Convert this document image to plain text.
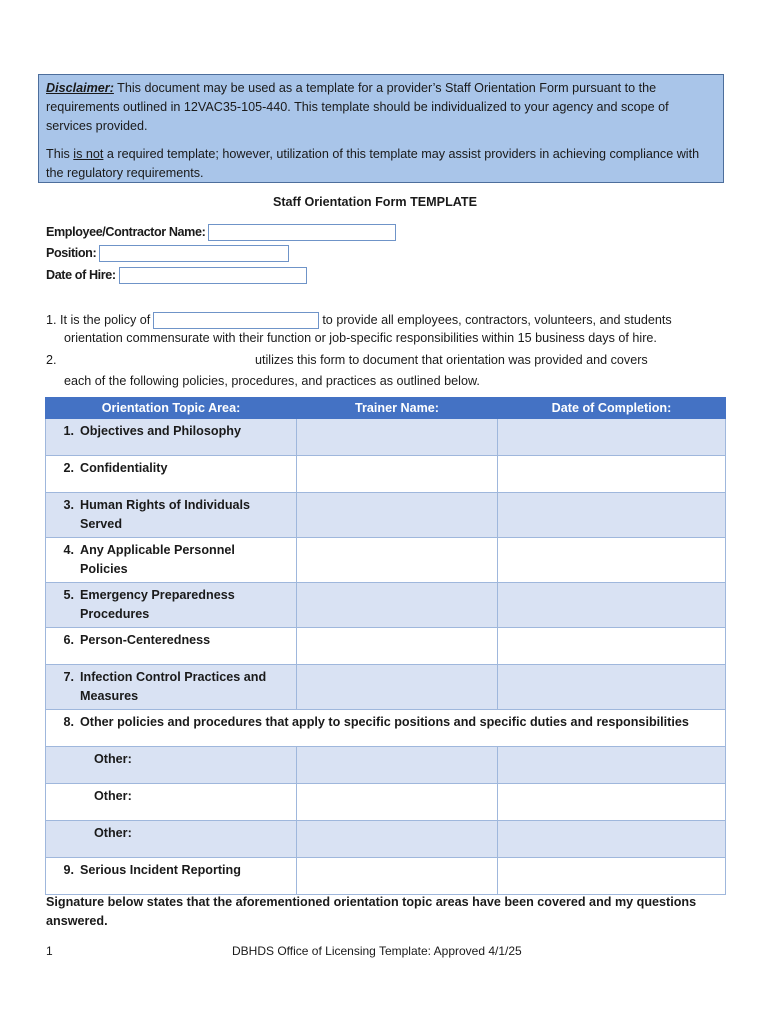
Disclaimer: This document may be used as a template for a provider’s Staff Orientation Form pursuant to the requirements outlined in 12VAC35-105-440. This template should be individualized to your agency and scope of services provided.

This is not a required template; however, utilization of this template may assist providers in achieving compliance with the regulatory requirements.

Staff Orientation Form TEMPLATE
Employee/Contractor Name:
Position:
Date of Hire:
1. It is the policy of	to provide all employees, contractors, volunteers, and students
orientation commensurate with their function or job-specific responsibilities within 15 business days of hire.
2.	utilizes this form to document that orientation was provided and covers
each of the following policies, procedures, and practices as outlined below.
Orientation Topic Area:	Trainer Name:	Date of Completion:
1. Objectives and Philosophy		
2. Confidentiality		
3. Human Rights of Individuals Served		
4. Any Applicable Personnel Policies		
5. Emergency Preparedness Procedures		
6. Person-Centeredness		
7. Infection Control Practices and Measures		
8. Other policies and procedures that apply to specific positions and specific duties and responsibilities		
Other:		
Other:		
Other:		
9. Serious Incident Reporting		
Signature below states that the aforementioned orientation topic areas have been covered and my questions answered.
1	DBHDS Office of Licensing Template: Approved 4/1/25
